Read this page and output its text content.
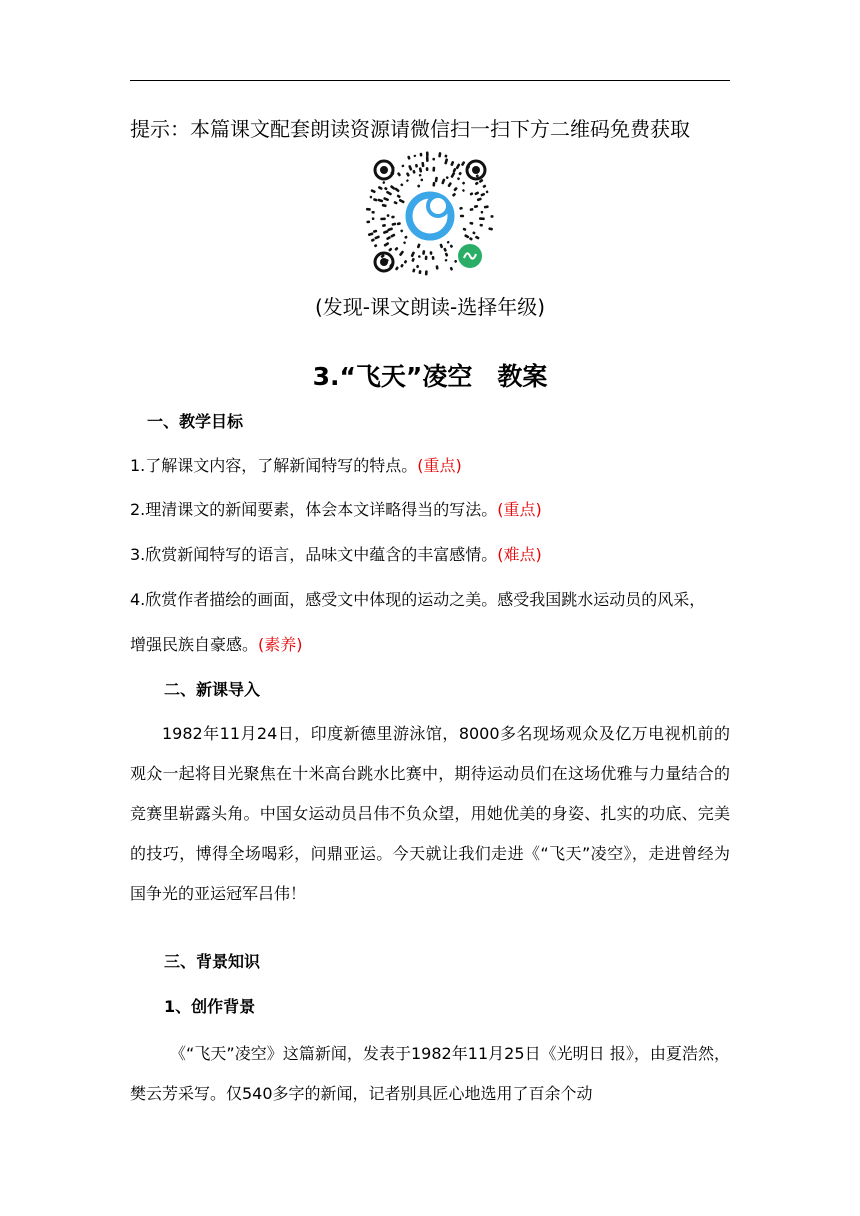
提示：本篇课文配套朗读资源请微信扫一扫下方二维码免费获取
(发现-课文朗读-选择年级)
3.“飞天”凌空　教案
一、教学目标
1.了解课文内容，了解新闻特写的特点。(重点)
2.理清课文的新闻要素，体会本文详略得当的写法。(重点)
3.欣赏新闻特写的语言，品味文中蕴含的丰富感情。(难点)
4.欣赏作者描绘的画面，感受文中体现的运动之美。感受我国跳水运动员的风采，
增强民族自豪感。(素养)
二、新课导入
1982年11月24日，印度新德里游泳馆，8000多名现场观众及亿万电视机前的观众一起将目光聚焦在十米高台跳水比赛中，期待运动员们在这场优雅与力量结合的竞赛里崭露头角。中国女运动员吕伟不负众望，用她优美的身姿、扎实的功底、完美的技巧，博得全场喝彩，问鼎亚运。今天就让我们走进《“飞天”凌空》，走进曾经为国争光的亚运冠军吕伟！
三、背景知识
1、创作背景
《“飞天”凌空》这篇新闻，发表于1982年11月25日《光明日 报》，由夏浩然，樊云芳采写。仅540多字的新闻，记者别具匠心地选用了百余个动
